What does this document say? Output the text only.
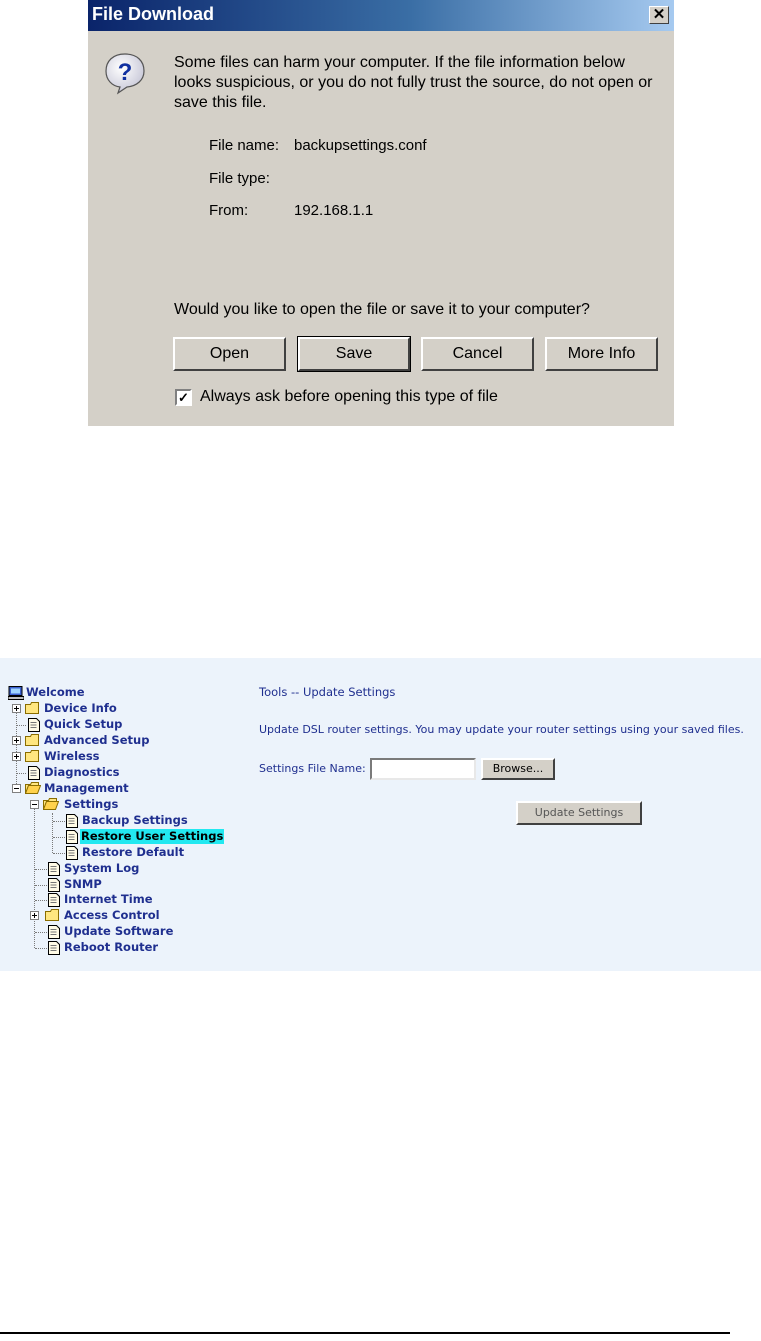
File Download	✕
?	Some files can harm your computer. If the file information below looks suspicious, or you do not fully trust the source, do not open or save this file.
File name: backupsettings.conf
File type:
From:	192.168.1.1
Would you like to open the file or save it to your computer?
Open	Save	Cancel	More Info
✓ Always ask before opening this type of file
Welcome
Device Info
Quick Setup
Advanced Setup
Wireless
Diagnostics
Management
Settings
Backup Settings
Restore User Settings
Restore Default
System Log
SNMP
Internet Time
Access Control
Update Software
Reboot Router
Tools -- Update Settings
Update DSL router settings. You may update your router settings using your saved files.
Settings File Name:	Browse...
Update Settings
